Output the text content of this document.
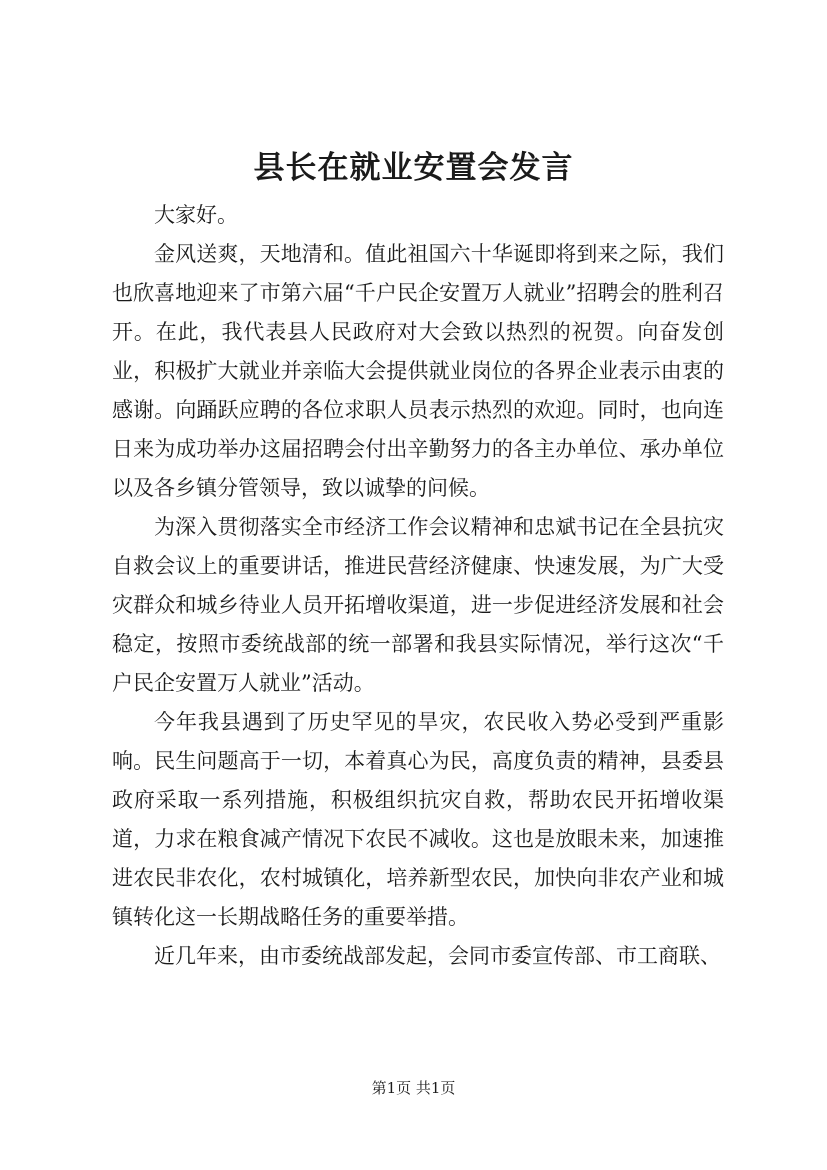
县长在就业安置会发言

大家好。

金风送爽，天地清和。值此祖国六十华诞即将到来之际，我们也欣喜地迎来了市第六届“千户民企安置万人就业”招聘会的胜利召开。在此，我代表县人民政府对大会致以热烈的祝贺。向奋发创业，积极扩大就业并亲临大会提供就业岗位的各界企业表示由衷的感谢。向踊跃应聘的各位求职人员表示热烈的欢迎。同时，也向连日来为成功举办这届招聘会付出辛勤努力的各主办单位、承办单位以及各乡镇分管领导，致以诚挚的问候。

为深入贯彻落实全市经济工作会议精神和忠斌书记在全县抗灾自救会议上的重要讲话，推进民营经济健康、快速发展，为广大受灾群众和城乡待业人员开拓增收渠道，进一步促进经济发展和社会稳定，按照市委统战部的统一部署和我县实际情况，举行这次“千户民企安置万人就业”活动。

今年我县遇到了历史罕见的旱灾，农民收入势必受到严重影响。民生问题高于一切，本着真心为民，高度负责的精神，县委县政府采取一系列措施，积极组织抗灾自救，帮助农民开拓增收渠道，力求在粮食减产情况下农民不减收。这也是放眼未来，加速推进农民非农化，农村城镇化，培养新型农民，加快向非农产业和城镇转化这一长期战略任务的重要举措。

近几年来，由市委统战部发起，会同市委宣传部、市工商联、

第1页 共1页
